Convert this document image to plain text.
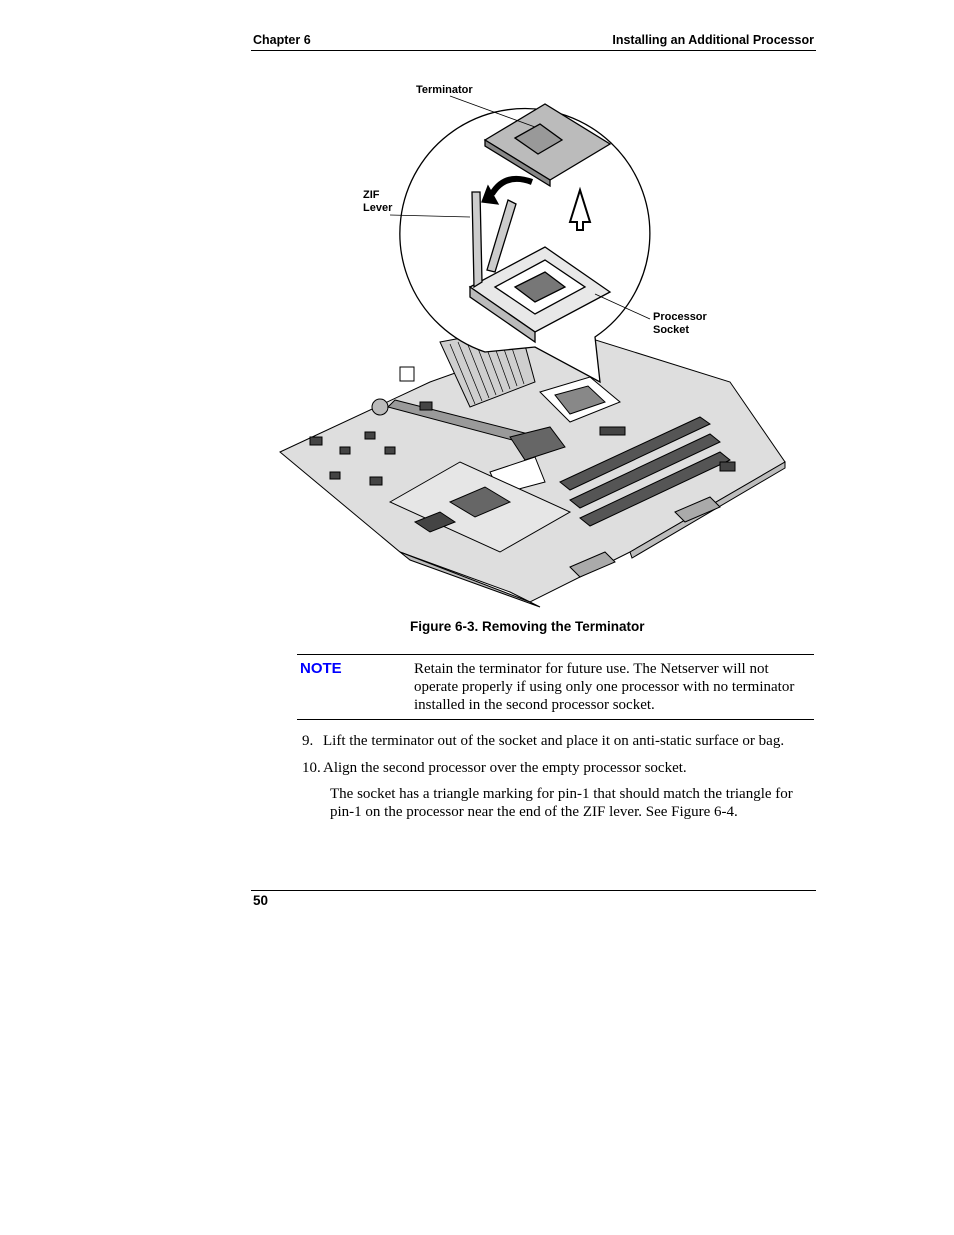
Chapter 6	Installing an Additional Processor
Terminator
ZIF
Lever
Processor
Socket
Figure 6-3. Removing the Terminator
NOTE	Retain the terminator for future use. The Netserver will not operate properly if using only one processor with no terminator installed in the second processor socket.
9. Lift the terminator out of the socket and place it on anti-static surface or bag.
10. Align the second processor over the empty processor socket.
The socket has a triangle marking for pin-1 that should match the triangle for pin-1 on the processor near the end of the ZIF lever. See Figure 6-4.
50
